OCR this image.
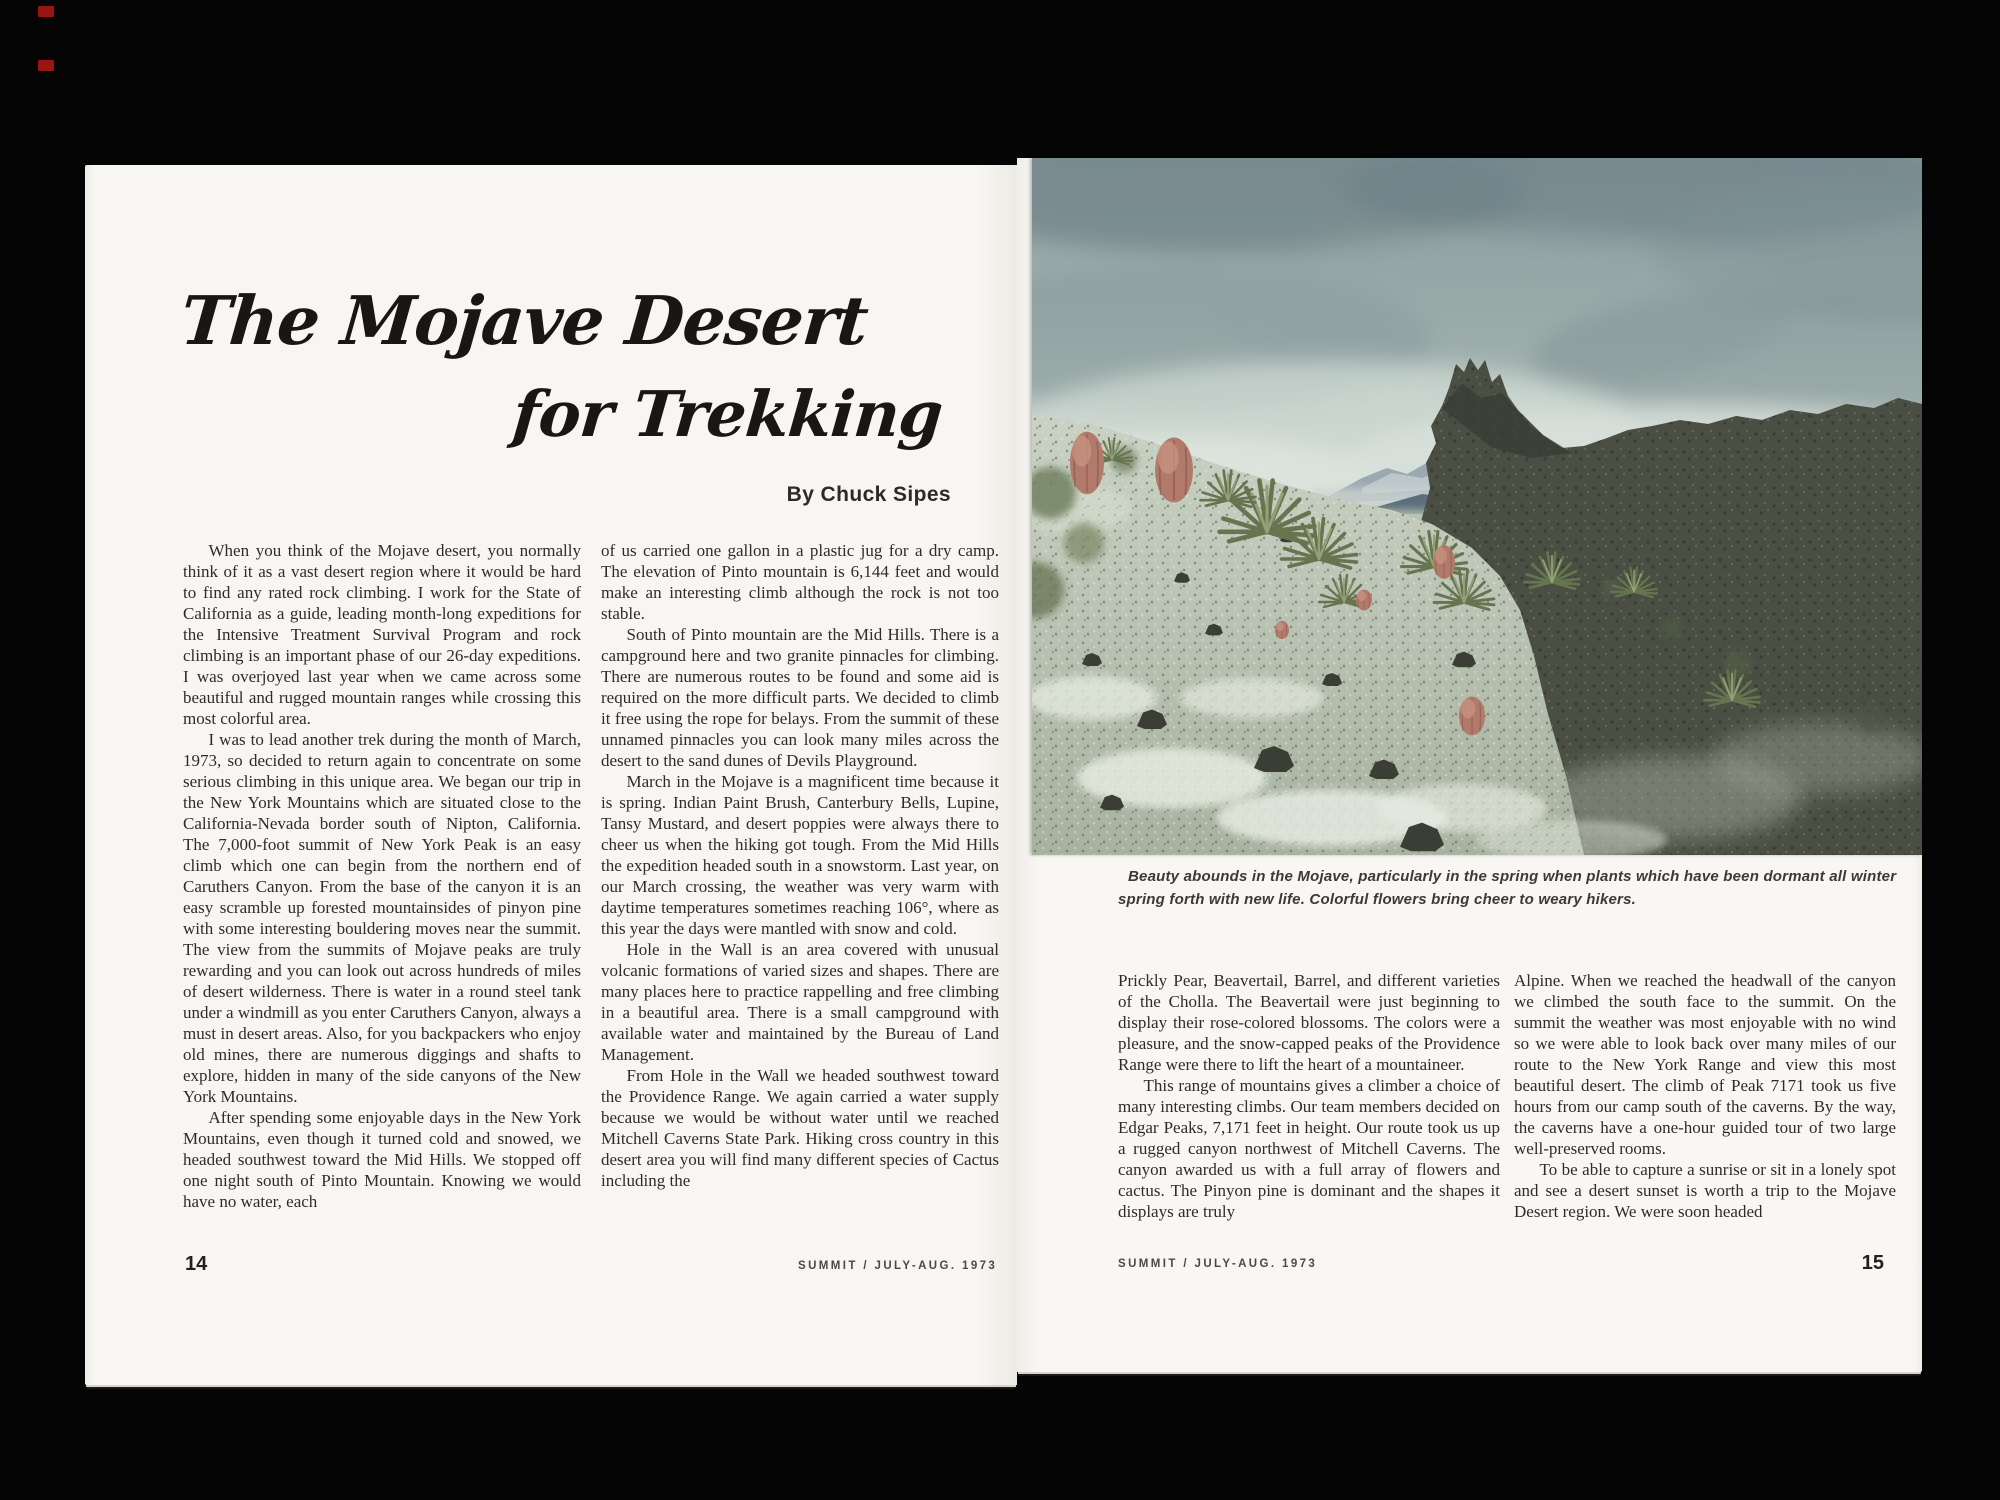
The Mojave Desert
for Trekking
By Chuck Sipes

When you think of the Mojave desert, you normally think of it as a vast desert region where it would be hard to find any rated rock climbing. I work for the State of California as a guide, leading month-long expeditions for the Intensive Treatment Survival Program and rock climbing is an important phase of our 26-day expeditions. I was overjoyed last year when we came across some beautiful and rugged mountain ranges while crossing this most colorful area.

I was to lead another trek during the month of March, 1973, so decided to return again to concentrate on some serious climbing in this unique area. We began our trip in the New York Mountains which are situated close to the California-Nevada border south of Nipton, California. The 7,000-foot summit of New York Peak is an easy climb which one can begin from the northern end of Caruthers Canyon. From the base of the canyon it is an easy scramble up forested mountainsides of pinyon pine with some interesting bouldering moves near the summit. The view from the summits of Mojave peaks are truly rewarding and you can look out across hundreds of miles of desert wilderness. There is water in a round steel tank under a windmill as you enter Caruthers Canyon, always a must in desert areas. Also, for you backpackers who enjoy old mines, there are numerous diggings and shafts to explore, hidden in many of the side canyons of the New York Mountains.

After spending some enjoyable days in the New York Mountains, even though it turned cold and snowed, we headed southwest toward the Mid Hills. We stopped off one night south of Pinto Mountain. Knowing we would have no water, each

of us carried one gallon in a plastic jug for a dry camp. The elevation of Pinto mountain is 6,144 feet and would make an interesting climb although the rock is not too stable.

South of Pinto mountain are the Mid Hills. There is a campground here and two granite pinnacles for climbing. There are numerous routes to be found and some aid is required on the more difficult parts. We decided to climb it free using the rope for belays. From the summit of these unnamed pinnacles you can look many miles across the desert to the sand dunes of Devils Playground.

March in the Mojave is a magnificent time because it is spring. Indian Paint Brush, Canterbury Bells, Lupine, Tansy Mustard, and desert poppies were always there to cheer us when the hiking got tough. From the Mid Hills the expedition headed south in a snowstorm. Last year, on our March crossing, the weather was very warm with daytime temperatures sometimes reaching 106°, where as this year the days were mantled with snow and cold.

Hole in the Wall is an area covered with unusual volcanic formations of varied sizes and shapes. There are many places here to practice rappelling and free climbing in a beautiful area. There is a small campground with available water and maintained by the Bureau of Land Management.

From Hole in the Wall we headed southwest toward the Providence Range. We again carried a water supply because we would be without water until we reached Mitchell Caverns State Park. Hiking cross country in this desert area you will find many different species of Cactus including the

SUMMIT / JULY-AUG. 1973
14
Beauty abounds in the Mojave, particularly in the spring when plants which have been dormant all winter spring forth with new life. Colorful flowers bring cheer to weary hikers.

Prickly Pear, Beavertail, Barrel, and different varieties of the Cholla. The Beavertail were just beginning to display their rose-colored blossoms. The colors were a pleasure, and the snow-capped peaks of the Providence Range were there to lift the heart of a mountaineer.

This range of mountains gives a climber a choice of many interesting climbs. Our team members decided on Edgar Peaks, 7,171 feet in height. Our route took us up a rugged canyon northwest of Mitchell Caverns. The canyon awarded us with a full array of flowers and cactus. The Pinyon pine is dominant and the shapes it displays are truly

Alpine. When we reached the headwall of the canyon we climbed the south face to the summit. On the summit the weather was most enjoyable with no wind so we were able to look back over many miles of our route to the New York Range and view this most beautiful desert. The climb of Peak 7171 took us five hours from our camp south of the caverns. By the way, the caverns have a one-hour guided tour of two large well-preserved rooms.

To be able to capture a sunrise or sit in a lonely spot and see a desert sunset is worth a trip to the Mojave Desert region. We were soon headed

SUMMIT / JULY-AUG. 1973	15
